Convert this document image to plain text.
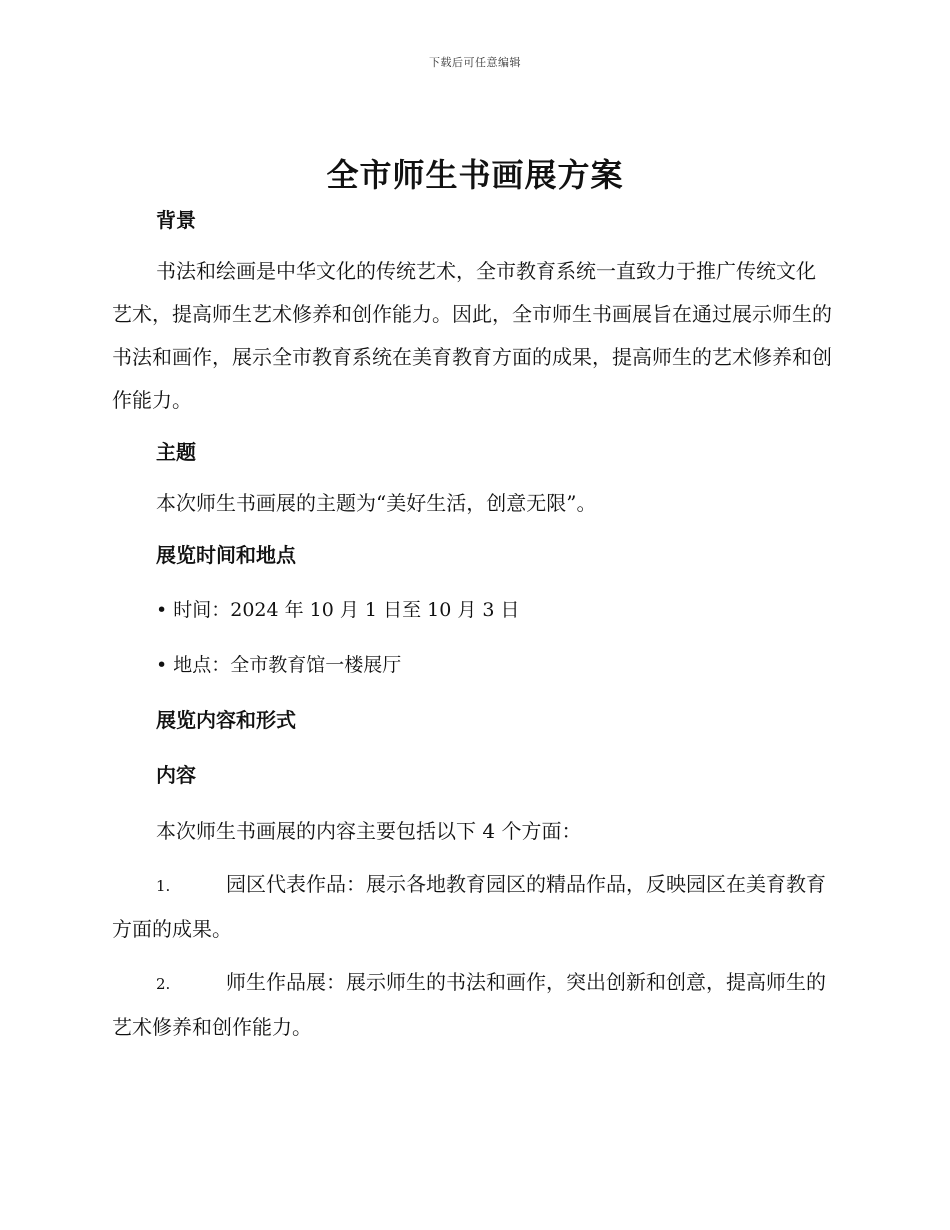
下载后可任意编辑
全市师生书画展方案
背景

书法和绘画是中华文化的传统艺术，全市教育系统一直致力于推广传统文化艺术，提高师生艺术修养和创作能力。因此，全市师生书画展旨在通过展示师生的书法和画作，展示全市教育系统在美育教育方面的成果，提高师生的艺术修养和创作能力。

主题

本次师生书画展的主题为“美好生活，创意无限”。

展览时间和地点

• 时间：2024 年 10 月 1 日至 10 月 3 日

• 地点：全市教育馆一楼展厅

展览内容和形式
内容

本次师生书画展的内容主要包括以下 4 个方面：

1.	园区代表作品：展示各地教育园区的精品作品，反映园区在美育教育方面的成果。

2.	师生作品展：展示师生的书法和画作，突出创新和创意，提高师生的艺术修养和创作能力。
